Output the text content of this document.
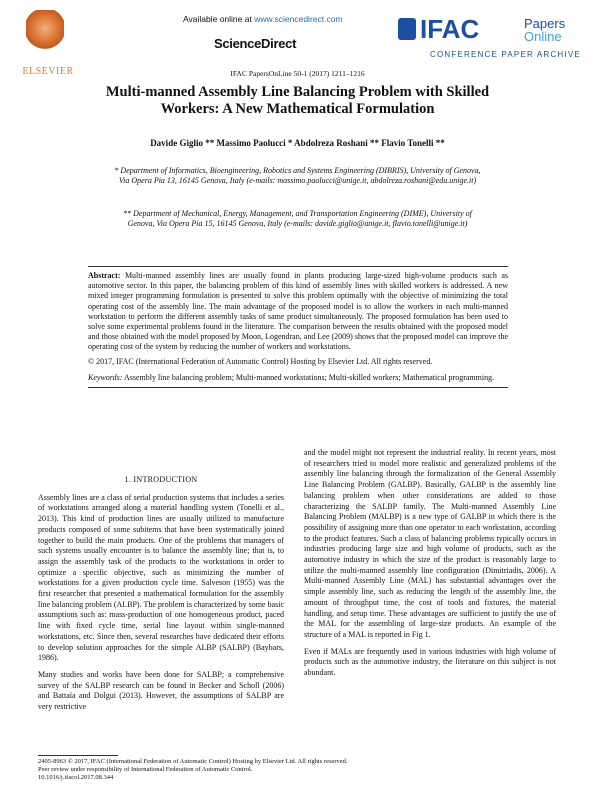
Available online at www.sciencedirect.com
ScienceDirect
ELSEVIER
IFAC	Papers
Online
CONFERENCE PAPER ARCHIVE
IFAC PapersOnLine 50-1 (2017) 1211–1216
Multi-manned Assembly Line Balancing Problem with Skilled Workers: A New Mathematical Formulation
Davide Giglio ** Massimo Paolucci * Abdolreza Roshani ** Flavio Tonelli **
* Department of Informatics, Bioengineering, Robotics and Systems Engineering (DIBRIS), University of Genova, Via Opera Pia 13, 16145 Genova, Italy (e-mails: massimo.paolucci@unige.it, abdolreza.roshani@edu.unige.it)
** Department of Mechanical, Energy, Management, and Transportation Engineering (DIME), University of Genova, Via Opera Pia 15, 16145 Genova, Italy (e-mails: davide.giglio@unige.it, flavio.tonelli@unige.it)

Abstract: Multi-manned assembly lines are usually found in plants producing large-sized high-volume products such as automotive sector. In this paper, the balancing problem of this kind of assembly lines with skilled workers is addressed. A new mixed integer programming formulation is presented to solve this problem optimally with the objective of minimizing the total operating cost of the assembly line. The main advantage of the proposed model is to allow the workers in each multi-manned workstation to perform the different assembly tasks of same product simultaneously. The proposed formulation has been used to solve some experimental problems found in the literature. The comparison between the results obtained with the proposed model and those obtained with the model proposed by Moon, Logendran, and Lee (2009) shows that the proposed model can improve the operating cost of the system by reducing the number of workers and workstations.

© 2017, IFAC (International Federation of Automatic Control) Hosting by Elsevier Ltd. All rights reserved.

Keywords: Assembly line balancing problem; Multi-manned workstations; Multi-skilled workers; Mathematical programming.

1. INTRODUCTION

Assembly lines are a class of serial production systems that includes a series of workstations arranged along a material handling system (Tonelli et al., 2013). This kind of production lines are usually utilized to manufacture products composed of some subitems that have been systematically joined together to build the main products. One of the problems that managers of such systems usually encounter is to balance the assembly line; that is, to assign the assembly task of the products to the workstations in order to optimize a specific objective, such as minimizing the number of workstations for a given production cycle time. Salveson (1955) was the first researcher that presented a mathematical formulation for the assembly line balancing problem (ALBP). The problem is characterized by some basic assumptions such as: mass-production of one homogeneous product, paced line with fixed cycle time, serial line layout within single-manned workstations, etc. Since then, several researches have dedicated their efforts to develop solution approaches for the simple ALBP (SALBP) (Baybars, 1986).

Many studies and works have been done for SALBP; a comprehensive survey of the SALBP research can be found in Becker and Scholl (2006) and Battaïa and Dolgui (2013). However, the assumptions of SALBP are very restrictive

and the model might not represent the industrial reality. In recent years, most of researchers tried to model more realistic and generalized problems of the assembly line balancing through the formalization of the General Assembly Line Balancing Problem (GALBP). Basically, GALBP is the assembly line balancing problem when other considerations are added to those characterizing the SALBP family. The Multi-manned Assembly Line Balancing Problem (MALBP) is a new type of GALBP in which there is the possibility of assigning more than one operator to each workstation, according to the product features. Such a class of balancing problems typically occurs in industries producing large size and high volume of products, such as the automotive industry in which the size of the product is reasonably large to utilize the multi-manned assembly line configuration (Dimitriadis, 2006). A Multi-manned Assembly Line (MAL) has substantial advantages over the simple assembly line, such as reducing the length of the assembly line, the amount of throughput time, the cost of tools and fixtures, the material handling, and setup time. These advantages are sufficient to justify the use of the MAL for the assembling of large-size products. An example of the structure of a MAL is reported in Fig 1.

Even if MALs are frequently used in various industries with high volume of products such as the automotive industry, the literature on this subject is not abundant.

2405-8963 © 2017, IFAC (International Federation of Automatic Control) Hosting by Elsevier Ltd. All rights reserved.
Peer review under responsibility of International Federation of Automatic Control.
10.1016/j.ifacol.2017.08.344
